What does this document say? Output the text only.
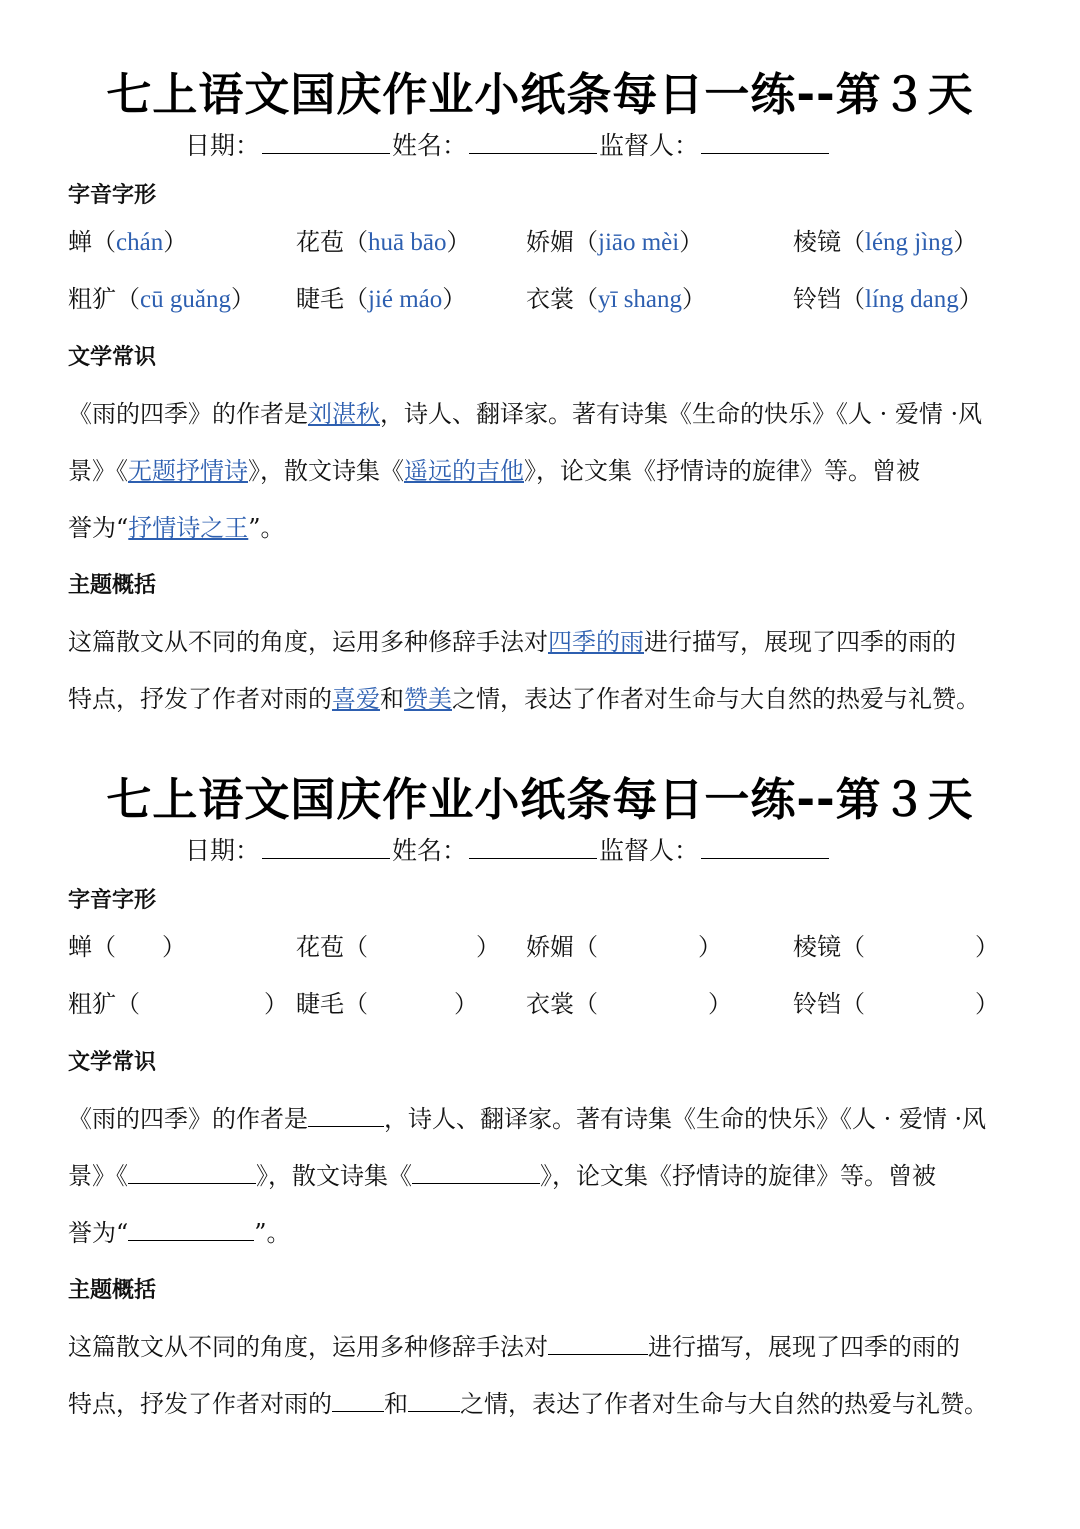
七上语文国庆作业小纸条每日一练--第３天
日期：	姓名：	监督人：
字音字形
蝉（chán）	花苞（huā bāo） 娇媚（jiāo mèi）	棱镜（léng jìng）
粗犷（cū guǎng） 睫毛（jié máo） 衣裳（yī shang）	铃铛（líng dang）
文学常识
《雨的四季》的作者是刘湛秋，诗人、翻译家。著有诗集《生命的快乐》《人 · 爱情 ·风
景》《无题抒情诗》，散文诗集《遥远的吉他》，论文集《抒情诗的旋律》等。曾被
誉为“抒情诗之王”。
主题概括
这篇散文从不同的角度，运用多种修辞手法对四季的雨进行描写，展现了四季的雨的
特点，抒发了作者对雨的喜爱和赞美之情，表达了作者对生命与大自然的热爱与礼赞。
七上语文国庆作业小纸条每日一练--第３天
日期：	姓名：	监督人：
字音字形
蝉（ ）	花苞（	） 娇媚（	）	棱镜（	）
粗犷（	） 睫毛（	） 衣裳（	）	铃铛（	）
文学常识
《雨的四季》的作者是	，诗人、翻译家。著有诗集《生命的快乐》《人 · 爱情 ·风
景》《	》，散文诗集《	》，论文集《抒情诗的旋律》等。曾被
誉为“	”。
主题概括
这篇散文从不同的角度，运用多种修辞手法对	进行描写，展现了四季的雨的
特点，抒发了作者对雨的 和 之情，表达了作者对生命与大自然的热爱与礼赞。
